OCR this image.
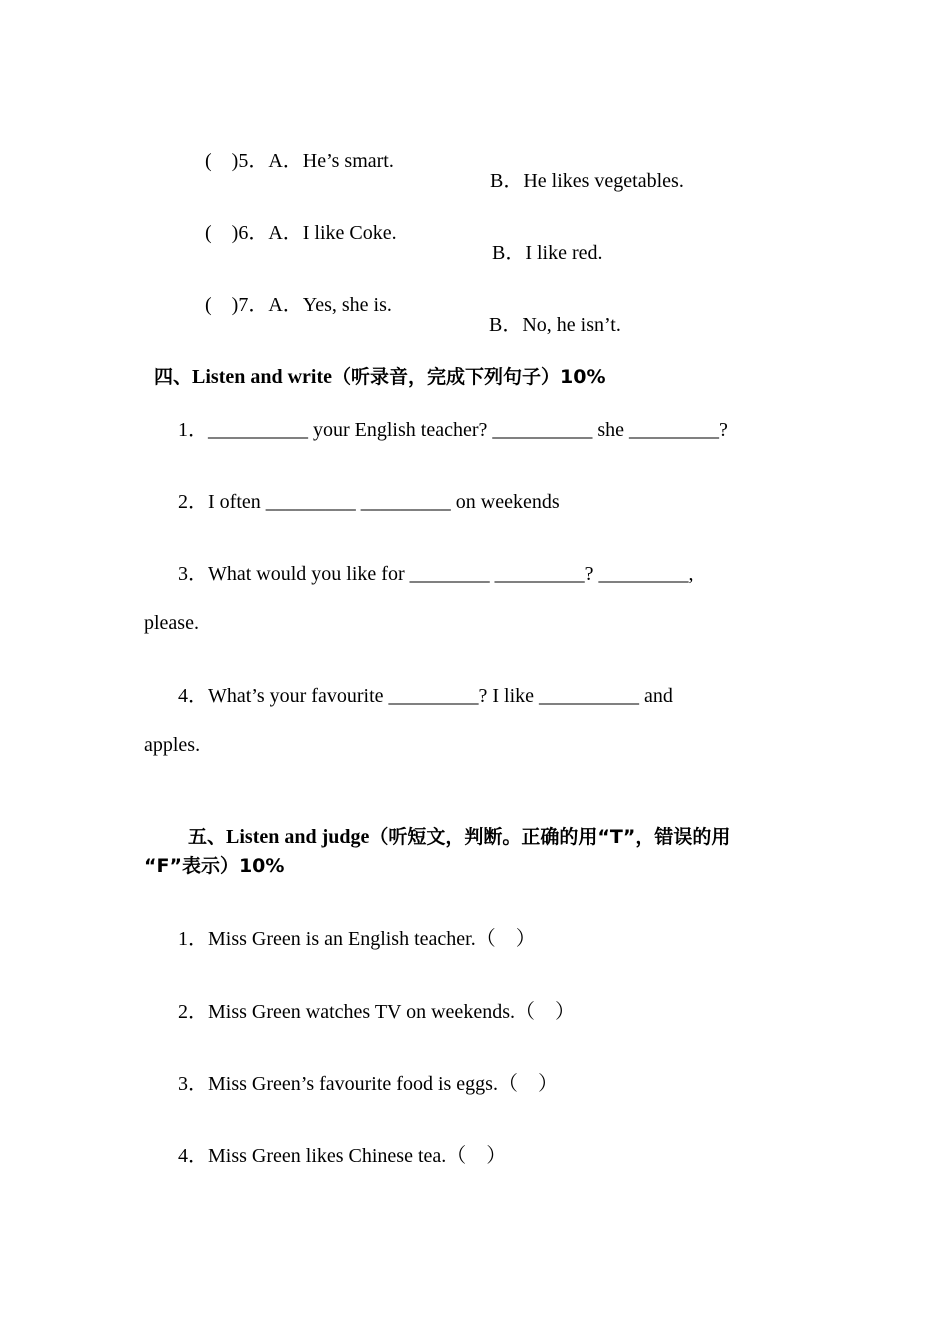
(    )5．A．He’s smart.

B．He likes vegetables.

(    )6．A．I like Coke.

B．I like red.

(    )7．A．Yes, she is.

B．No, he isn’t.

四、Listen and write（听录音，完成下列句子）10%

1．__________ your English teacher? __________ she _________?
2．I often _________ _________ on weekends
3．What would you like for ________ _________? _________,
please.
4．What’s your favourite _________? I like __________ and
apples.

五、Listen and judge（听短文，判断。正确的用“T”，错误的用

“F”表示）10%
1．Miss Green is an English teacher.（    ）
2．Miss Green watches TV on weekends.（    ）
3．Miss Green’s favourite food is eggs.（    ）
4．Miss Green likes Chinese tea.（    ）
